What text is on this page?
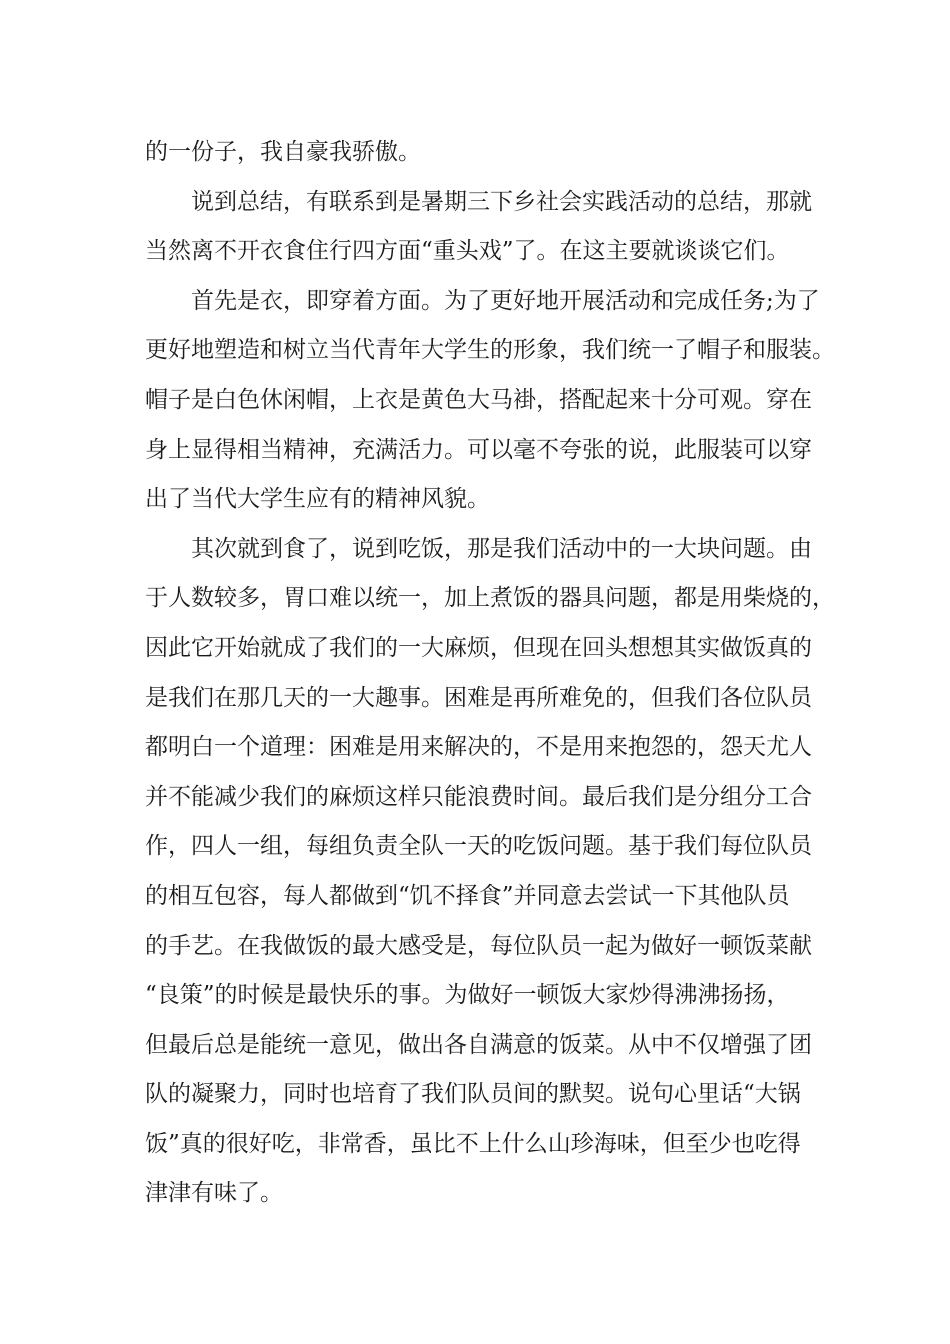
的一份子，我自豪我骄傲。
说到总结，有联系到是暑期三下乡社会实践活动的总结，那就
当然离不开衣食住行四方面“重头戏”了。在这主要就谈谈它们。
首先是衣，即穿着方面。为了更好地开展活动和完成任务;为了
更好地塑造和树立当代青年大学生的形象，我们统一了帽子和服装。
帽子是白色休闲帽，上衣是黄色大马褂，搭配起来十分可观。穿在
身上显得相当精神，充满活力。可以毫不夸张的说，此服装可以穿
出了当代大学生应有的精神风貌。
其次就到食了，说到吃饭，那是我们活动中的一大块问题。由
于人数较多，胃口难以统一，加上煮饭的器具问题，都是用柴烧的，
因此它开始就成了我们的一大麻烦，但现在回头想想其实做饭真的
是我们在那几天的一大趣事。困难是再所难免的，但我们各位队员
都明白一个道理：困难是用来解决的，不是用来抱怨的，怨天尤人
并不能减少我们的麻烦这样只能浪费时间。最后我们是分组分工合
作，四人一组，每组负责全队一天的吃饭问题。基于我们每位队员
的相互包容，每人都做到“饥不择食”并同意去尝试一下其他队员
的手艺。在我做饭的最大感受是，每位队员一起为做好一顿饭菜献
“良策”的时候是最快乐的事。为做好一顿饭大家炒得沸沸扬扬，
但最后总是能统一意见，做出各自满意的饭菜。从中不仅增强了团
队的凝聚力，同时也培育了我们队员间的默契。说句心里话“大锅
饭”真的很好吃，非常香，虽比不上什么山珍海味，但至少也吃得
津津有味了。
